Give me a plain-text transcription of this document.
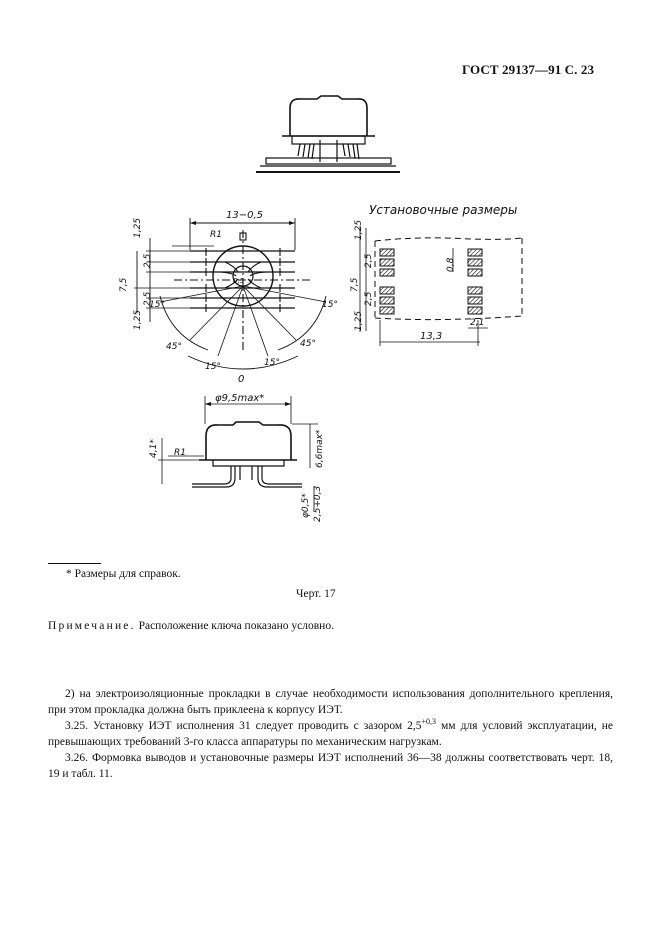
ГОСТ 29137—91 С. 23
Установочные размеры
13−0,5
1,25
2,5
7,5
2,5
1,25
R1
0,5
15°	15°
45°	45°
15°	15°
0
1,25
2,5	0,8
7,5
2,5
1,25	2,1
13,3
φ9,5max*
4,1* R1	6,6max*
φ0,5* 2,5+0,3
* Размеры для справок.
Черт. 17
Примечание. Расположение ключа показано условно.
2) на электроизоляционные прокладки в случае необходимости использования дополнительного крепления, при этом прокладка должна быть приклеена к корпусу ИЭТ.
3.25. Установку ИЭТ исполнения 31 следует проводить с зазором $2,5^{+0,3}$ мм для условий эксплуатации, не превышающих требований 3-го класса аппаратуры по механическим нагрузкам.
3.26. Формовка выводов и установочные размеры ИЭТ исполнений 36—38 должны соответствовать черт. 18, 19 и табл. 11.
